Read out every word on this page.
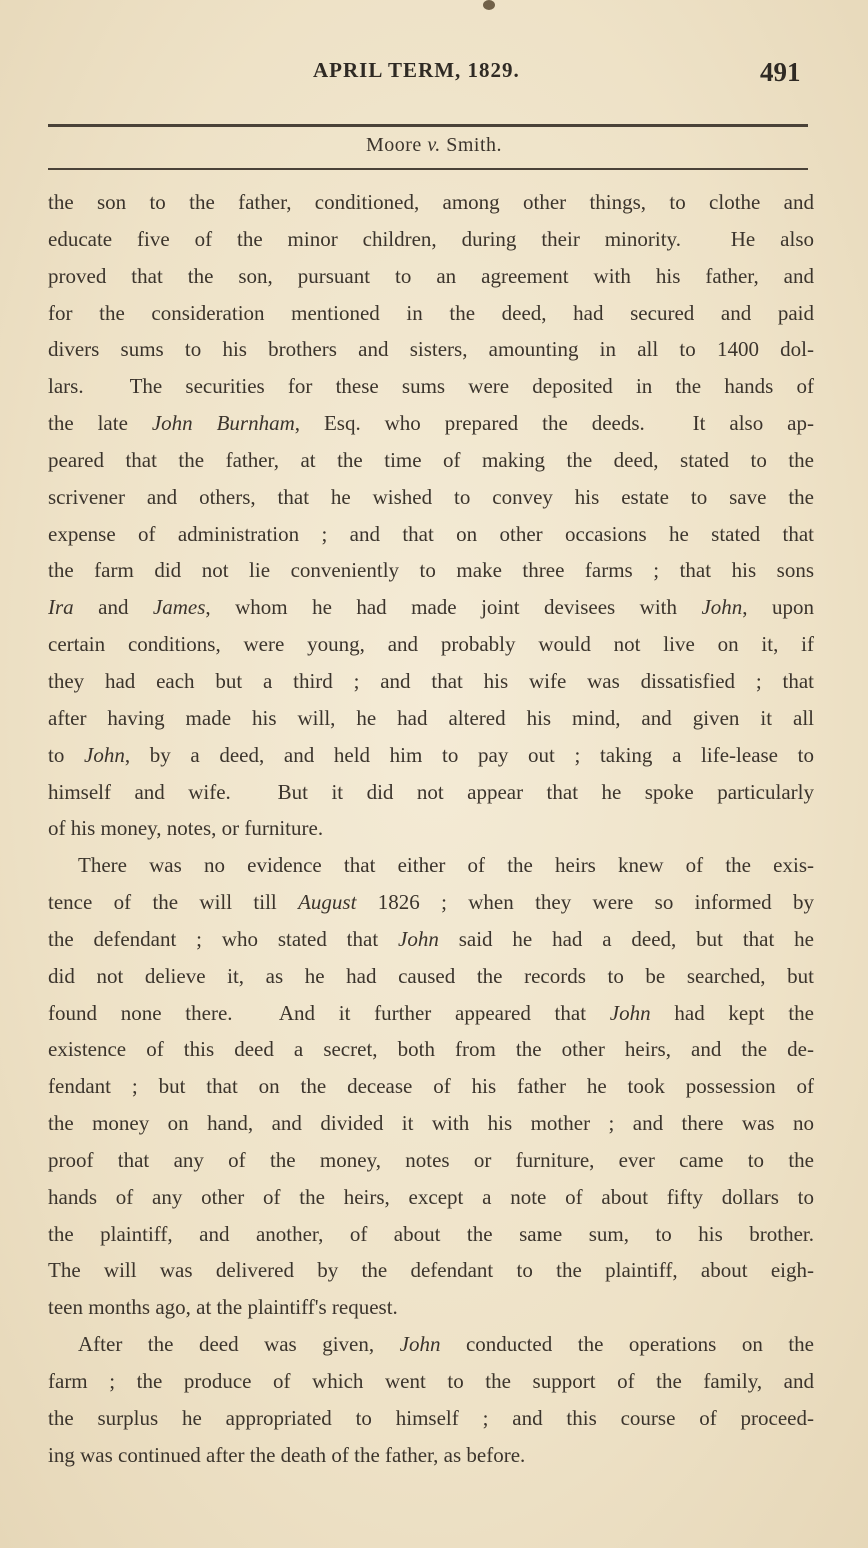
APRIL TERM, 1829.	491
Moore v. Smith.
the son to the father, conditioned, among other things, to clothe and
educate five of the minor children, during their minority.  He also
proved that the son, pursuant to an agreement with his father, and
for the consideration mentioned in the deed, had secured and paid
divers sums to his brothers and sisters, amounting in all to 1400 dol-
lars.  The securities for these sums were deposited in the hands of
the late John Burnham, Esq. who prepared the deeds.  It also ap-
peared that the father, at the time of making the deed, stated to the
scrivener and others, that he wished to convey his estate to save the
expense of administration ; and that on other occasions he stated that
the farm did not lie conveniently to make three farms ; that his sons
Ira and James, whom he had made joint devisees with John, upon
certain conditions, were young, and probably would not live on it, if
they had each but a third ; and that his wife was dissatisfied ; that
after having made his will, he had altered his mind, and given it all
to John, by a deed, and held him to pay out ; taking a life-lease to
himself and wife.  But it did not appear that he spoke particularly
of his money, notes, or furniture.
There was no evidence that either of the heirs knew of the exis-
tence of the will till August 1826 ; when they were so informed by
the defendant ; who stated that John said he had a deed, but that he
did not delieve it, as he had caused the records to be searched, but
found none there.  And it further appeared that John had kept the
existence of this deed a secret, both from the other heirs, and the de-
fendant ; but that on the decease of his father he took possession of
the money on hand, and divided it with his mother ; and there was no
proof that any of the money, notes or furniture, ever came to the
hands of any other of the heirs, except a note of about fifty dollars to
the plaintiff, and another, of about the same sum, to his brother.
The will was delivered by the defendant to the plaintiff, about eigh-
teen months ago, at the plaintiff's request.
After the deed was given, John conducted the operations on the
farm ; the produce of which went to the support of the family, and
the surplus he appropriated to himself ; and this course of proceed-
ing was continued after the death of the father, as before.
